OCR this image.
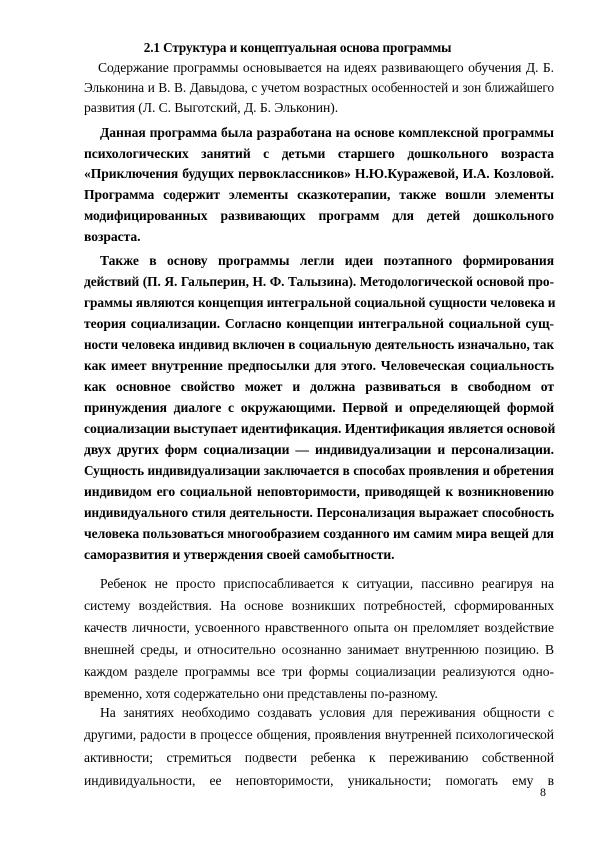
2.1 Структура и концептуальная основа программы
Содержание программы основывается на идеях развивающего обучения Д. Б.
Эльконина и В. В. Давыдова, с учетом возрастных особенностей и зон ближайшего
развития (Л. С. Выготский, Д. Б. Эльконин).
Данная программа была разработана на основе комплексной программы
психологических занятий с детьми старшего дошкольного возраста
«Приключения будущих первоклассников» Н.Ю.Куражевой, И.А. Козловой.
Программа содержит элементы сказкотерапии, также вошли элементы
модифицированных развивающих программ для детей дошкольного
возраста.
Также в основу программы легли идеи поэтапного формирования
действий (П. Я. Гальперин, Н. Ф. Талызина). Методологической основой про-
граммы являются концепция интегральной социальной сущности человека и
теория социализации. Согласно концепции интегральной социальной сущ-
ности человека индивид включен в социальную деятельность изначально, так
как имеет внутренние предпосылки для этого. Человеческая социальность
как основное свойство может и должна развиваться в свободном от
принуждения диалоге с окружающими. Первой и определяющей формой
социализации выступает идентификация. Идентификация является основой
двух других форм социализации — индивидуализации и персонализации.
Сущность индивидуализации заключается в способах проявления и обретения
индивидом его социальной неповторимости, приводящей к возникновению
индивидуального стиля деятельности. Персонализация выражает способность
человека пользоваться многообразием созданного им самим мира вещей для
саморазвития и утверждения своей самобытности.
Ребенок не просто приспосабливается к ситуации, пассивно реагируя на
систему воздействия. На основе возникших потребностей, сформированных
качеств личности, усвоенного нравственного опыта он преломляет воздействие
внешней среды, и относительно осознанно занимает внутреннюю позицию. В
каждом разделе программы все три формы социализации реализуются одно-
временно, хотя содержательно они представлены по-разному.
На занятиях необходимо создавать условия для переживания общности с
другими, радости в процессе общения, проявления внутренней психологической
активности; стремиться подвести ребенка к переживанию собственной
индивидуальности, ее неповторимости, уникальности; помогать ему в
8
